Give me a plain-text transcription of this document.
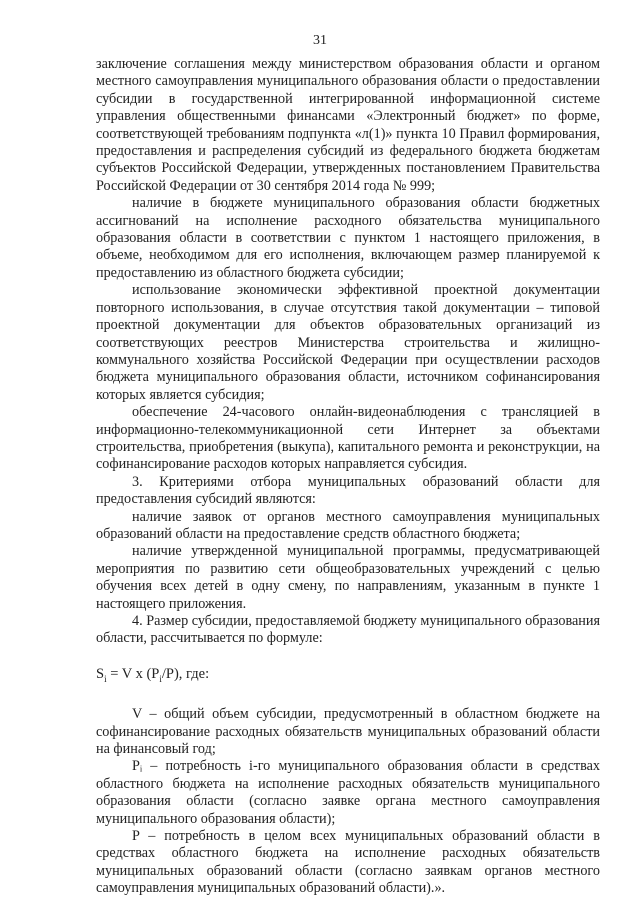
31

заключение соглашения между министерством образования области и органом местного самоуправления муниципального образования области о предоставлении субсидии в государственной интегрированной информационной системе управления общественными финансами «Электронный бюджет» по форме, соответствующей требованиям подпункта «л(1)» пункта 10 Правил формирования, предоставления и распределения субсидий из федерального бюджета бюджетам субъектов Российской Федерации, утвержденных постановлением Правительства Российской Федерации от 30 сентября 2014 года № 999;

наличие в бюджете муниципального образования области бюджетных ассигнований на исполнение расходного обязательства муниципального образования области в соответствии с пунктом 1 настоящего приложения, в объеме, необходимом для его исполнения, включающем размер планируемой к предоставлению из областного бюджета субсидии;

использование экономически эффективной проектной документации повторного использования, в случае отсутствия такой документации – типовой проектной документации для объектов образовательных организаций из соответствующих реестров Министерства строительства и жилищно-коммунального хозяйства Российской Федерации при осуществлении расходов бюджета муниципального образования области, источником софинансирования которых является субсидия;

обеспечение 24-часового онлайн-видеонаблюдения с трансляцией в информационно-телекоммуникационной сети Интернет за объектами строительства, приобретения (выкупа), капитального ремонта и реконструкции, на софинансирование расходов которых направляется субсидия.

3. Критериями отбора муниципальных образований области для предоставления субсидий являются:

наличие заявок от органов местного самоуправления муниципальных образований области на предоставление средств областного бюджета;

наличие утвержденной муниципальной программы, предусматривающей мероприятия по развитию сети общеобразовательных учреждений с целью обучения всех детей в одну смену, по направлениям, указанным в пункте 1 настоящего приложения.

4. Размер субсидии, предоставляемой бюджету муниципального образования области, рассчитывается по формуле:

$S_i = V$ x $(P_i/P)$, где:

V – общий объем субсидии, предусмотренный в областном бюджете на софинансирование расходных обязательств муниципальных образований области на финансовый год;

Pᵢ – потребность i-го муниципального образования области в средствах областного бюджета на исполнение расходных обязательств муниципального образования области (согласно заявке органа местного самоуправления муниципального образования области);

P – потребность в целом всех муниципальных образований области в средствах областного бюджета на исполнение расходных обязательств муниципальных образований области (согласно заявкам органов местного самоуправления муниципальных образований области).».
